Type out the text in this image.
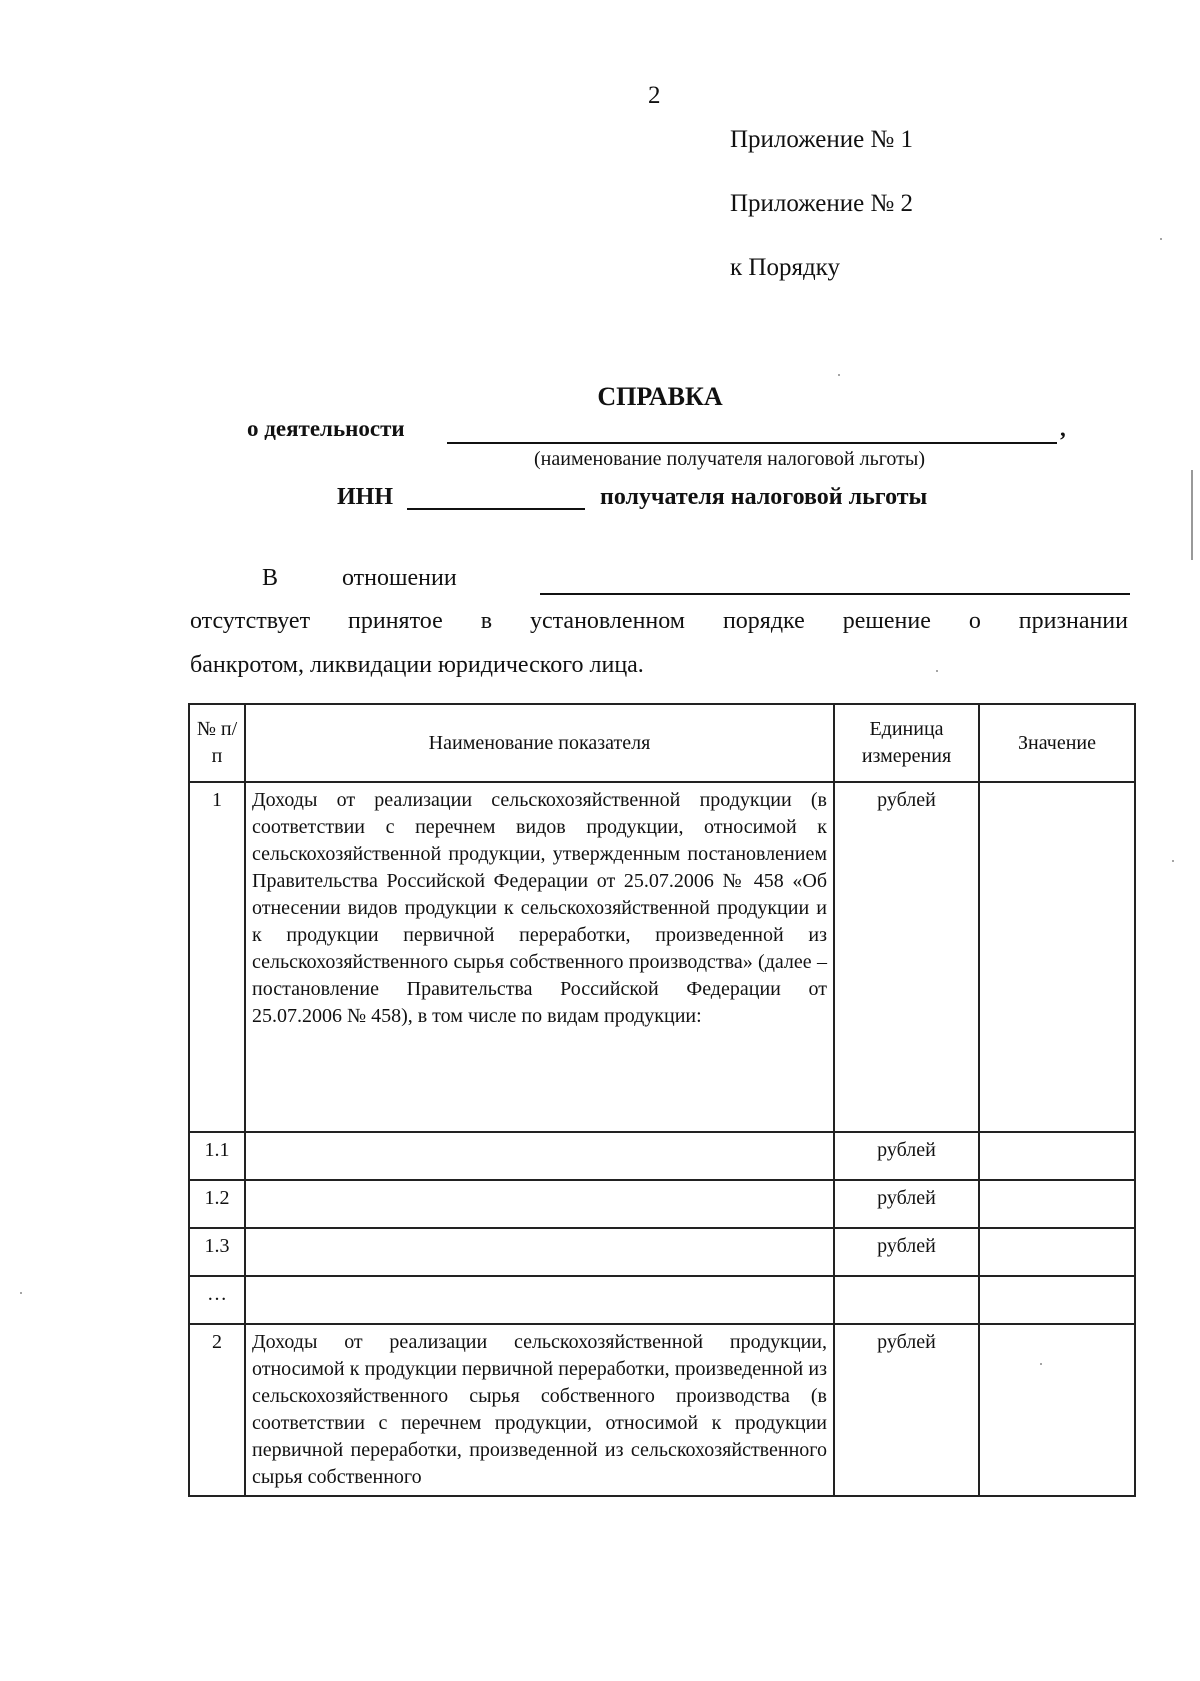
2
Приложение № 1
Приложение № 2
к Порядку
СПРАВКА
о деятельности	,
(наименование получателя налоговой льготы)
ИНН	получателя налоговой льготы
В	отношении
отсутствует принятое в установленном порядке решение о признании
банкротом, ликвидации юридического лица.
№ п/п	Наименование показателя	Единица измерения	Значение
1	Доходы от реализации сельскохозяйственной продукции (в соответствии с перечнем видов продукции, относимой к сельскохозяйственной продукции, утвержденным постановлением Правительства Российской Федерации от 25.07.2006 № 458 «Об отнесении видов продукции к сельскохозяйственной продукции и к продукции первичной переработки, произведенной из сельскохозяйственного сырья собственного производства» (далее – постановление Правительства Российской Федерации от 25.07.2006 № 458), в том числе по видам продукции:	рублей	
1.1		рублей	
1.2		рублей	
1.3		рублей	
…			
2	Доходы от реализации сельскохозяйственной продукции, относимой к продукции первичной переработки, произведенной из сельскохозяйственного сырья собственного производства (в соответствии с перечнем продукции, относимой к продукции первичной переработки, произведенной из сельскохозяйственного сырья собственного	рублей	
